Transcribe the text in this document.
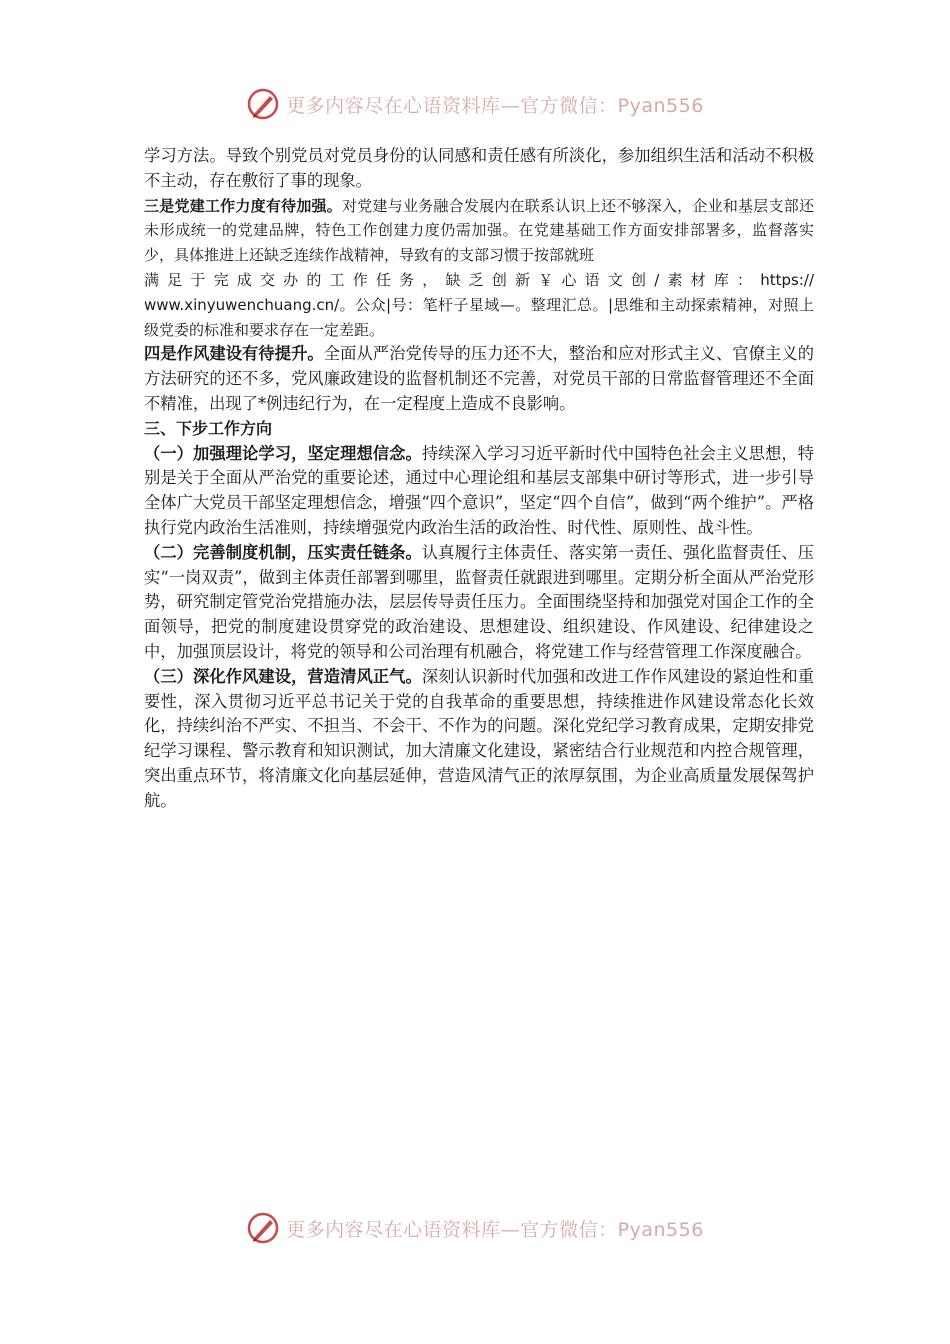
更多内容尽在心语资料库—官方微信：Pyan556

学习方法。导致个别党员对党员身份的认同感和责任感有所淡化，参加组织生活和活动不积极不主动，存在敷衍了事的现象。

三是党建工作力度有待加强。对党建与业务融合发展内在联系认识上还不够深入，企业和基层支部还未形成统一的党建品牌，特色工作创建力度仍需加强。在党建基础工作方面安排部署多，监督落实少，具体推进上还缺乏连续作战精神，导致有的支部习惯于按部就班

满足于完成交办的工作任务，缺乏创新￥心语文创/素材库：https://

www.xinyuwenchuang.cn/。公众|号：笔杆子星域—。整理汇总。|思维和主动探索精神，对照上级党委的标准和要求存在一定差距。

四是作风建设有待提升。全面从严治党传导的压力还不大，整治和应对形式主义、官僚主义的方法研究的还不多，党风廉政建设的监督机制还不完善，对党员干部的日常监督管理还不全面不精准，出现了*例违纪行为，在一定程度上造成不良影响。

三、下步工作方向

（一）加强理论学习，坚定理想信念。持续深入学习习近平新时代中国特色社会主义思想，特别是关于全面从严治党的重要论述，通过中心理论组和基层支部集中研讨等形式，进一步引导全体广大党员干部坚定理想信念，增强“四个意识”，坚定“四个自信”，做到“两个维护”。严格执行党内政治生活准则，持续增强党内政治生活的政治性、时代性、原则性、战斗性。

（二）完善制度机制，压实责任链条。认真履行主体责任、落实第一责任、强化监督责任、压实“一岗双责”，做到主体责任部署到哪里，监督责任就跟进到哪里。定期分析全面从严治党形势，研究制定管党治党措施办法，层层传导责任压力。全面围绕坚持和加强党对国企工作的全面领导，把党的制度建设贯穿党的政治建设、思想建设、组织建设、作风建设、纪律建设之中，加强顶层设计，将党的领导和公司治理有机融合，将党建工作与经营管理工作深度融合。

（三）深化作风建设，营造清风正气。深刻认识新时代加强和改进工作作风建设的紧迫性和重要性，深入贯彻习近平总书记关于党的自我革命的重要思想，持续推进作风建设常态化长效化，持续纠治不严实、不担当、不会干、不作为的问题。深化党纪学习教育成果，定期安排党纪学习课程、警示教育和知识测试，加大清廉文化建设，紧密结合行业规范和内控合规管理，突出重点环节，将清廉文化向基层延伸，营造风清气正的浓厚氛围，为企业高质量发展保驾护航。

更多内容尽在心语资料库—官方微信：Pyan556
